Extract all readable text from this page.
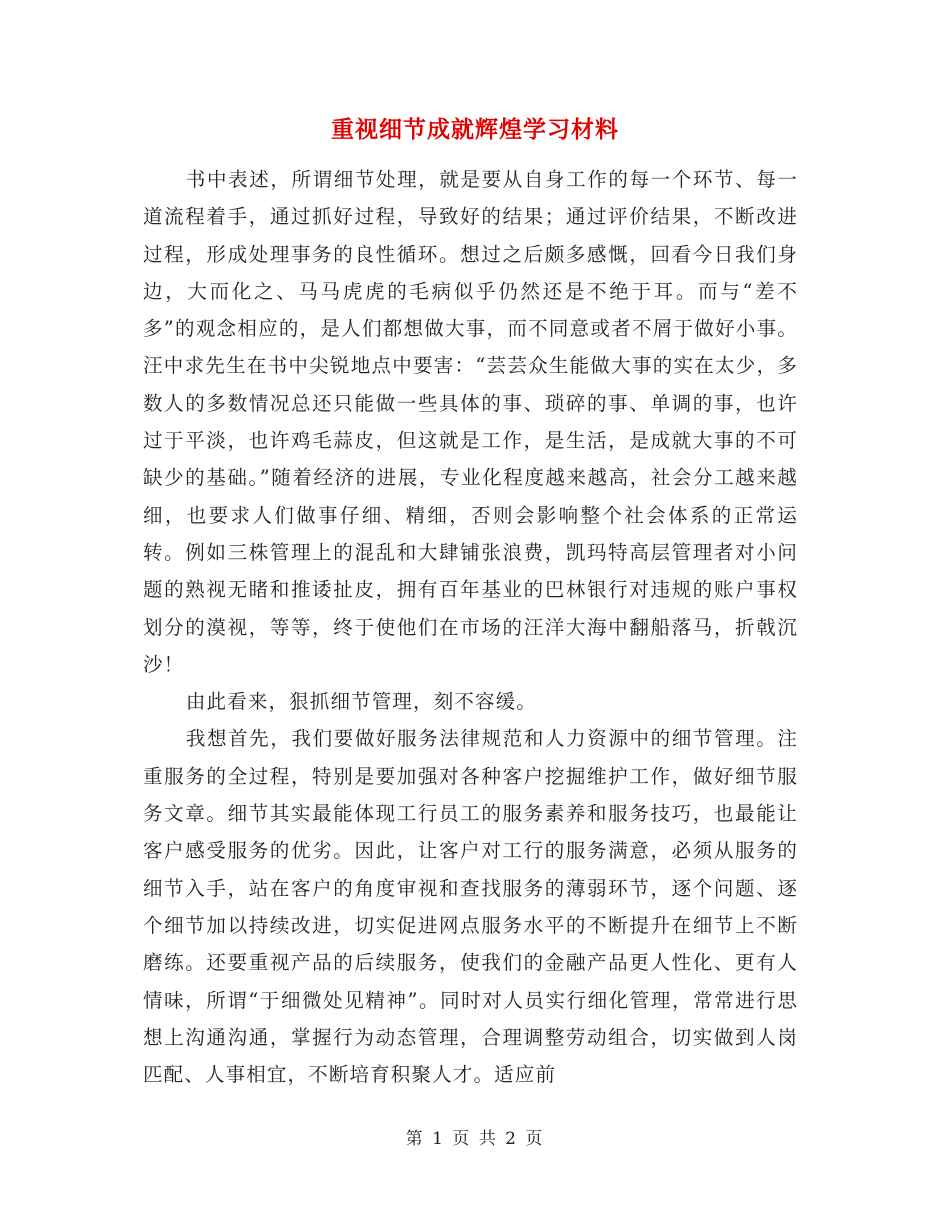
重视细节成就辉煌学习材料

书中表述，所谓细节处理，就是要从自身工作的每一个环节、每一道流程着手，通过抓好过程，导致好的结果；通过评价结果，不断改进过程，形成处理事务的良性循环。想过之后颇多感慨，回看今日我们身边，大而化之、马马虎虎的毛病似乎仍然还是不绝于耳。而与“差不多”的观念相应的，是人们都想做大事，而不同意或者不屑于做好小事。汪中求先生在书中尖锐地点中要害：“芸芸众生能做大事的实在太少，多数人的多数情况总还只能做一些具体的事、琐碎的事、单调的事，也许过于平淡，也许鸡毛蒜皮，但这就是工作，是生活，是成就大事的不可缺少的基础。”随着经济的进展，专业化程度越来越高，社会分工越来越细，也要求人们做事仔细、精细，否则会影响整个社会体系的正常运转。例如三株管理上的混乱和大肆铺张浪费，凯玛特高层管理者对小问题的熟视无睹和推诿扯皮，拥有百年基业的巴林银行对违规的账户事权划分的漠视，等等，终于使他们在市场的汪洋大海中翻船落马，折戟沉沙！

由此看来，狠抓细节管理，刻不容缓。

我想首先，我们要做好服务法律规范和人力资源中的细节管理。注重服务的全过程，特别是要加强对各种客户挖掘维护工作，做好细节服务文章。细节其实最能体现工行员工的服务素养和服务技巧，也最能让客户感受服务的优劣。因此，让客户对工行的服务满意，必须从服务的细节入手，站在客户的角度审视和查找服务的薄弱环节，逐个问题、逐个细节加以持续改进，切实促进网点服务水平的不断提升在细节上不断磨练。还要重视产品的后续服务，使我们的金融产品更人性化、更有人情味，所谓“于细微处见精神”。同时对人员实行细化管理，常常进行思想上沟通沟通，掌握行为动态管理，合理调整劳动组合，切实做到人岗匹配、人事相宜，不断培育积聚人才。适应前

第 1 页 共 2 页
